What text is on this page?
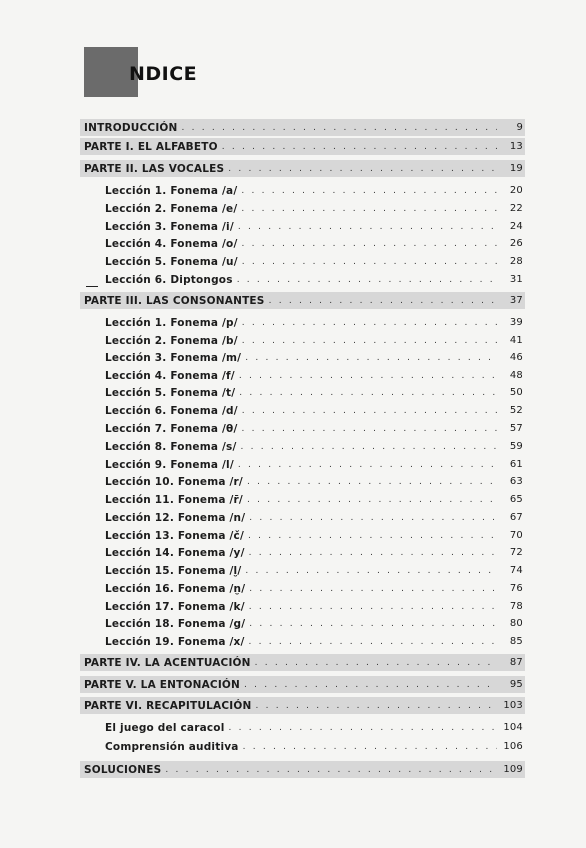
NDICE
INTRODUCCIÓN . . .	9
PARTE I. EL ALFABETO . . .	13
PARTE II. LAS VOCALES . . .	19
Lección 1. Fonema /a/ . . .	20
Lección 2. Fonema /e/ . . .	22
Lección 3. Fonema /i/ . . .	24
Lección 4. Fonema /o/ . . .	26
Lección 5. Fonema /u/ . . .	28
Lección 6. Diptongos . . .	31
PARTE III. LAS CONSONANTES . . .	37
Lección 1. Fonema /p/ . . .	39
Lección 2. Fonema /b/ . . .	41
Lección 3. Fonema /m/ . . .	46
Lección 4. Fonema /f/ . . .	48
Lección 5. Fonema /t/ . . .	50
Lección 6. Fonema /d/ . . .	52
Lección 7. Fonema /θ/ . . .	57
Lección 8. Fonema /s/ . . .	59
Lección 9. Fonema /l/ . . .	61
Lección 10. Fonema /r/ . . .	63
Lección 11. Fonema /r̄/ . . .	65
Lección 12. Fonema /n/ . . .	67
Lección 13. Fonema /č/ . . .	70
Lección 14. Fonema /y/ . . .	72
Lección 15. Fonema /l̮/ . . .	74
Lección 16. Fonema /n̮/ . . .	76
Lección 17. Fonema /k/ . . .	78
Lección 18. Fonema /g/ . . .	80
Lección 19. Fonema /x/ . . .	85
PARTE IV. LA ACENTUACIÓN . . .	87
PARTE V. LA ENTONACIÓN . . .	95
PARTE VI. RECAPITULACIÓN . . .	103
El juego del caracol . . .	104
Comprensión auditiva . . .	106
SOLUCIONES . . .	109
